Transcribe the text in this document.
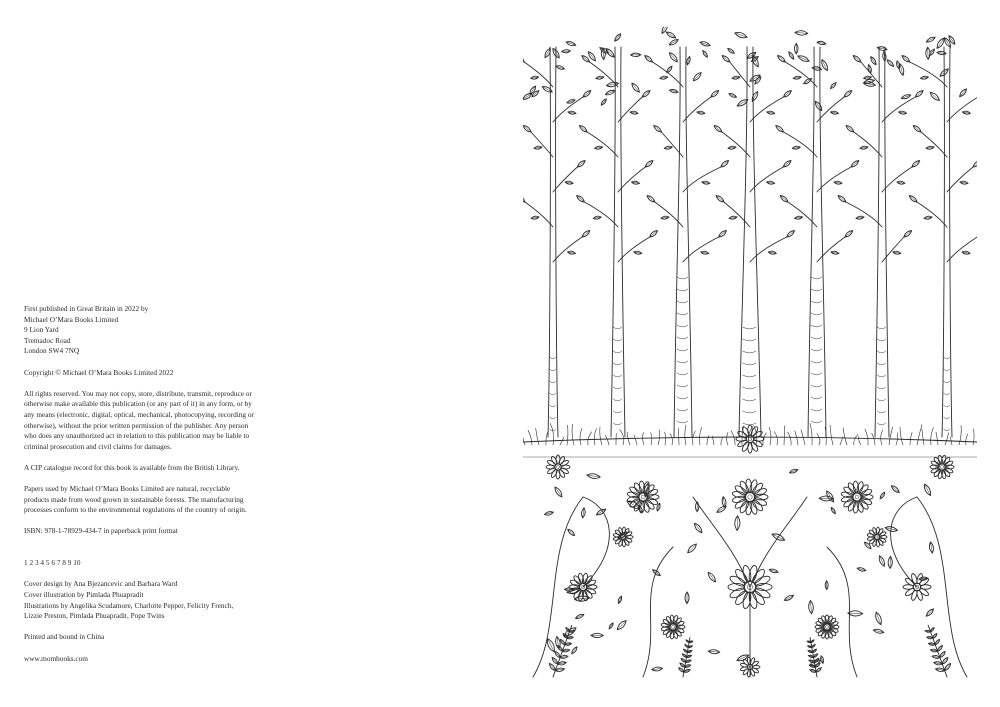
First published in Great Britain in 2022 by

Michael O’Mara Books Limited

9 Lion Yard

Tremadoc Road

London SW4 7NQ

Copyright © Michael O’Mara Books Limited 2022

All rights reserved. You may not copy, store, distribute, transmit, reproduce or

otherwise make available this publication (or any part of it) in any form, or by

any means (electronic, digital, optical, mechanical, photocopying, recording or

otherwise), without the prior written permission of the publisher. Any person

who does any unauthorized act in relation to this publication may be liable to

criminal prosecution and civil claims for damages.

A CIP catalogue record for this book is available from the British Library.

Papers used by Michael O’Mara Books Limited are natural, recyclable

products made from wood grown in sustainable forests. The manufacturing

processes conform to the environmental regulations of the country of origin.

ISBN: 978-1-78929-434-7 in paperback print format

1 2 3 4 5 6 7 8 9 10

Cover design by Ana Bjezancevic and Barbara Ward

Cover illustration by Pimlada Phuapradit

Illustrations by Angelika Scudamore, Charlotte Pepper, Felicity French,

Lizzie Preston, Pimlada Phuapradit, Pope Twins

Printed and bound in China

www.mombooks.com
